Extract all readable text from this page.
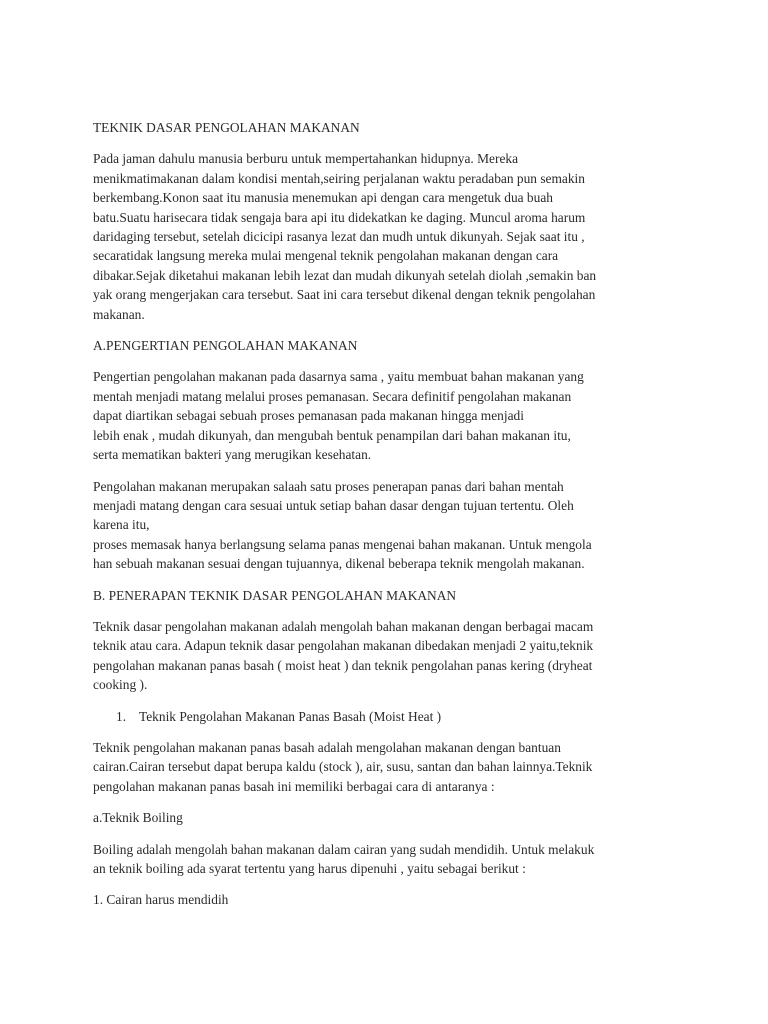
TEKNIK DASAR PENGOLAHAN MAKANAN

Pada jaman dahulu manusia berburu untuk mempertahankan hidupnya. Mereka
menikmatimakanan dalam kondisi mentah,seiring perjalanan waktu peradaban pun semakin
berkembang.Konon saat itu manusia menemukan api dengan cara mengetuk dua buah
batu.Suatu harisecara tidak sengaja bara api itu didekatkan ke daging. Muncul aroma harum
daridaging tersebut, setelah dicicipi rasanya lezat dan mudh untuk dikunyah. Sejak saat itu ,
secaratidak langsung mereka mulai mengenal teknik pengolahan makanan dengan cara
dibakar.Sejak diketahui makanan lebih lezat dan mudah dikunyah setelah diolah ,semakin ban
yak orang mengerjakan cara tersebut. Saat ini cara tersebut dikenal dengan teknik pengolahan
makanan.

A.PENGERTIAN PENGOLAHAN MAKANAN

Pengertian pengolahan makanan pada dasarnya sama , yaitu membuat bahan makanan yang
mentah menjadi matang melalui proses pemanasan. Secara definitif pengolahan makanan
dapat diartikan sebagai sebuah proses pemanasan pada makanan hingga menjadi
lebih enak , mudah dikunyah, dan mengubah bentuk penampilan dari bahan makanan itu,
serta mematikan bakteri yang merugikan kesehatan.

Pengolahan makanan merupakan salaah satu proses penerapan panas dari bahan mentah
menjadi matang dengan cara sesuai untuk setiap bahan dasar dengan tujuan tertentu. Oleh
karena itu,
proses memasak hanya berlangsung selama panas mengenai bahan makanan. Untuk mengola
han sebuah makanan sesuai dengan tujuannya, dikenal beberapa teknik mengolah makanan.

B. PENERAPAN TEKNIK DASAR PENGOLAHAN MAKANAN

Teknik dasar pengolahan makanan adalah mengolah bahan makanan dengan berbagai macam
teknik atau cara. Adapun teknik dasar pengolahan makanan dibedakan menjadi 2 yaitu,teknik
pengolahan makanan panas basah ( moist heat ) dan teknik pengolahan panas kering (dryheat
cooking ).

1. Teknik Pengolahan Makanan Panas Basah (Moist Heat )

Teknik pengolahan makanan panas basah adalah mengolahan makanan dengan bantuan
cairan.Cairan tersebut dapat berupa kaldu (stock ), air, susu, santan dan bahan lainnya.Teknik
pengolahan makanan panas basah ini memiliki berbagai cara di antaranya :

a.Teknik Boiling

Boiling adalah mengolah bahan makanan dalam cairan yang sudah mendidih. Untuk melakuk
an teknik boiling ada syarat tertentu yang harus dipenuhi , yaitu sebagai berikut :

1. Cairan harus mendidih
